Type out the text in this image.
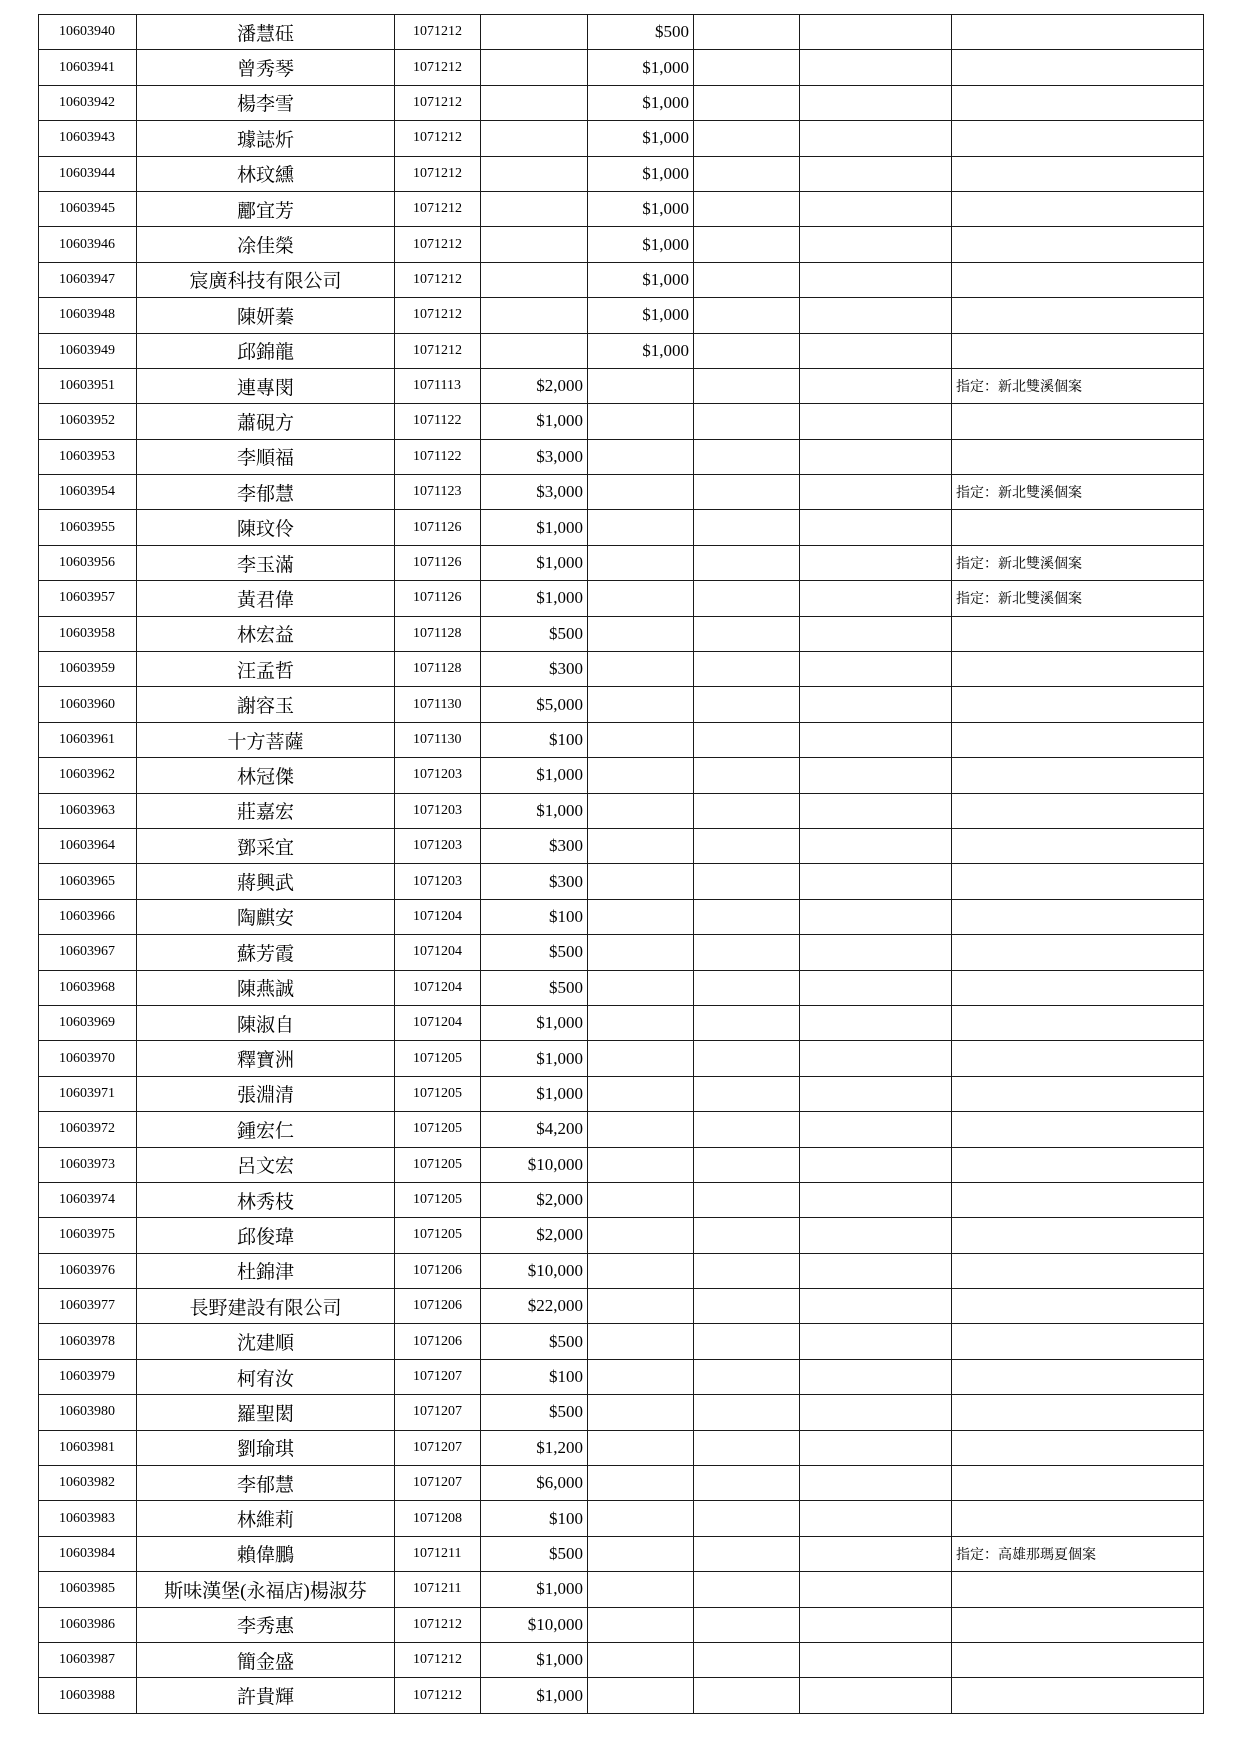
10603940	潘慧砡	1071212		$500			
10603941	曾秀琴	1071212		$1,000			
10603942	楊李雪	1071212		$1,000			
10603943	璩誌炘	1071212		$1,000			
10603944	林玟纁	1071212		$1,000			
10603945	酈宜芳	1071212		$1,000			
10603946	凃佳榮	1071212		$1,000			
10603947	宸廣科技有限公司	1071212		$1,000			
10603948	陳妍蓁	1071212		$1,000			
10603949	邱錦龍	1071212		$1,000			
10603951	連專閔	1071113	$2,000				指定：新北雙溪個案
10603952	蕭硯方	1071122	$1,000				
10603953	李順福	1071122	$3,000				
10603954	李郁慧	1071123	$3,000				指定：新北雙溪個案
10603955	陳玟伶	1071126	$1,000				
10603956	李玉滿	1071126	$1,000				指定：新北雙溪個案
10603957	黃君偉	1071126	$1,000				指定：新北雙溪個案
10603958	林宏益	1071128	$500				
10603959	汪孟哲	1071128	$300				
10603960	謝容玉	1071130	$5,000				
10603961	十方菩薩	1071130	$100				
10603962	林冠傑	1071203	$1,000				
10603963	莊嘉宏	1071203	$1,000				
10603964	鄧采宜	1071203	$300				
10603965	蔣興武	1071203	$300				
10603966	陶麒安	1071204	$100				
10603967	蘇芳霞	1071204	$500				
10603968	陳燕誠	1071204	$500				
10603969	陳淑自	1071204	$1,000				
10603970	釋寶洲	1071205	$1,000				
10603971	張淵清	1071205	$1,000				
10603972	鍾宏仁	1071205	$4,200				
10603973	呂文宏	1071205	$10,000				
10603974	林秀枝	1071205	$2,000				
10603975	邱俊瑋	1071205	$2,000				
10603976	杜錦津	1071206	$10,000				
10603977	長野建設有限公司	1071206	$22,000				
10603978	沈建順	1071206	$500				
10603979	柯宥汝	1071207	$100				
10603980	羅聖閎	1071207	$500				
10603981	劉瑜琪	1071207	$1,200				
10603982	李郁慧	1071207	$6,000				
10603983	林維莉	1071208	$100				
10603984	賴偉鵬	1071211	$500				指定：高雄那瑪夏個案
10603985	斯味漢堡(永福店)楊淑芬	1071211	$1,000				
10603986	李秀惠	1071212	$10,000				
10603987	簡金盛	1071212	$1,000				
10603988	許貴輝	1071212	$1,000				
